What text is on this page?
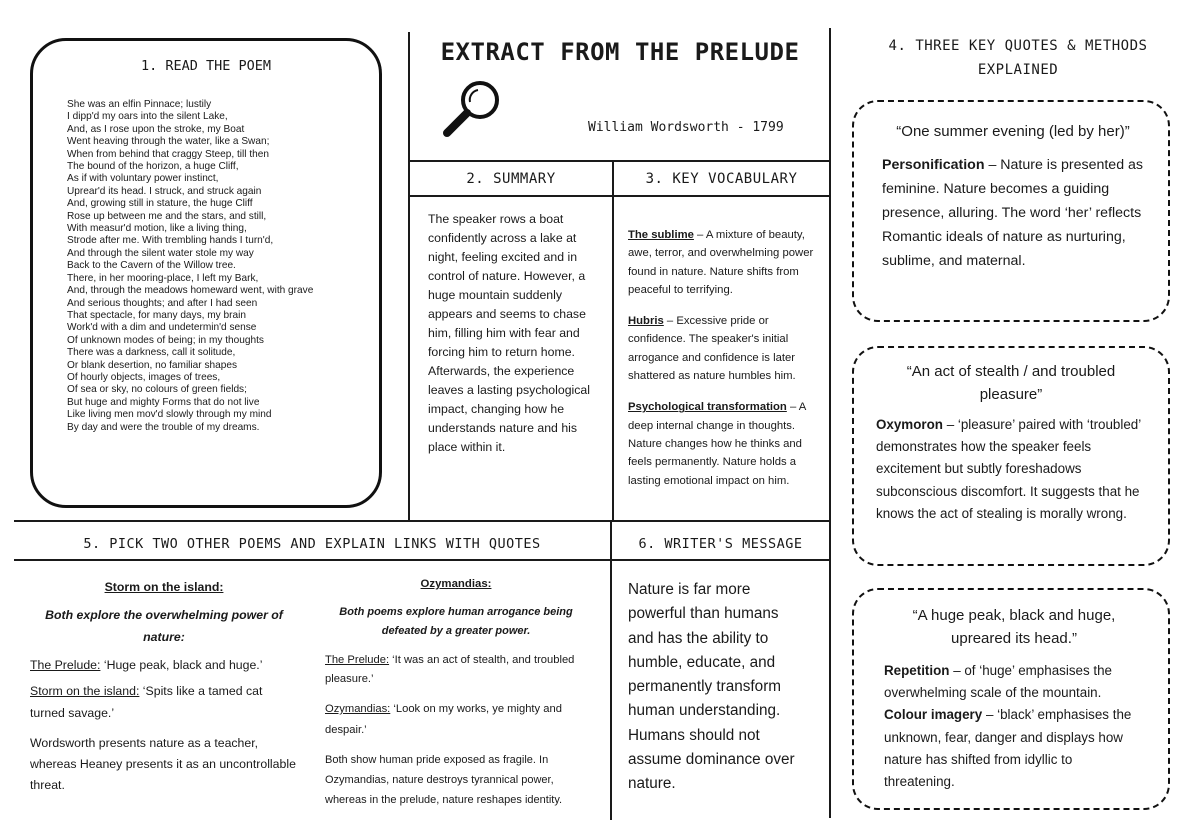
1. READ THE POEM
She was an elfin Pinnace; lustily
I dipp'd my oars into the silent Lake,
And, as I rose upon the stroke, my Boat
Went heaving through the water, like a Swan;
When from behind that craggy Steep, till then
The bound of the horizon, a huge Cliff,
As if with voluntary power instinct,
Uprear'd its head. I struck, and struck again
And, growing still in stature, the huge Cliff
Rose up between me and the stars, and still,
With measur'd motion, like a living thing,
Strode after me. With trembling hands I turn'd,
And through the silent water stole my way
Back to the Cavern of the Willow tree.
There, in her mooring-place, I left my Bark,
And, through the meadows homeward went, with grave
And serious thoughts; and after I had seen
That spectacle, for many days, my brain
Work'd with a dim and undetermin'd sense
Of unknown modes of being; in my thoughts
There was a darkness, call it solitude,
Or blank desertion, no familiar shapes
Of hourly objects, images of trees,
Of sea or sky, no colours of green fields;
But huge and mighty Forms that do not live
Like living men mov'd slowly through my mind
By day and were the trouble of my dreams.
EXTRACT FROM THE PRELUDE
William Wordsworth - 1799
2. SUMMARY	3. KEY VOCABULARY
The speaker rows a boat confidently across a lake at night, feeling excited and in control of nature. However, a huge mountain suddenly appears and seems to chase him, filling him with fear and forcing him to return home. Afterwards, the experience leaves a lasting psychological impact, changing how he understands nature and his place within it.

The sublime – A mixture of beauty, awe, terror, and overwhelming power found in nature. Nature shifts from peaceful to terrifying.

Hubris – Excessive pride or confidence. The speaker's initial arrogance and confidence is later shattered as nature humbles him.

Psychological transformation – A deep internal change in thoughts. Nature changes how he thinks and feels permanently. Nature holds a lasting emotional impact on him.

4. THREE KEY QUOTES & METHODS
EXPLAINED
“One summer evening (led by her)”
Personification – Nature is presented as feminine. Nature becomes a guiding presence, alluring. The word ‘her’ reflects Romantic ideals of nature as nurturing, sublime, and maternal.
“An act of stealth / and troubled pleasure”
Oxymoron – ‘pleasure’ paired with ‘troubled’ demonstrates how the speaker feels excitement but subtly foreshadows subconscious discomfort. It suggests that he knows the act of stealing is morally wrong.
“A huge peak, black and huge, upreared its head.”
Repetition – of ‘huge’ emphasises the overwhelming scale of the mountain.
Colour imagery – ‘black’ emphasises the unknown, fear, danger and displays how nature has shifted from idyllic to threatening.
5. PICK TWO OTHER POEMS AND EXPLAIN LINKS WITH QUOTES
Storm on the island:
Both explore the overwhelming power of nature:
The Prelude: ‘Huge peak, black and huge.’
Storm on the island: ‘Spits like a tamed cat turned savage.’
Wordsworth presents nature as a teacher, whereas Heaney presents it as an uncontrollable threat.
Ozymandias:
Both poems explore human arrogance being defeated by a greater power.
The Prelude: ‘It was an act of stealth, and troubled pleasure.’
Ozymandias: ‘Look on my works, ye mighty and despair.’
Both show human pride exposed as fragile. In Ozymandias, nature destroys tyrannical power, whereas in the prelude, nature reshapes identity.
6. WRITER'S MESSAGE
Nature is far more powerful than humans and has the ability to humble, educate, and permanently transform human understanding. Humans should not assume dominance over nature.
